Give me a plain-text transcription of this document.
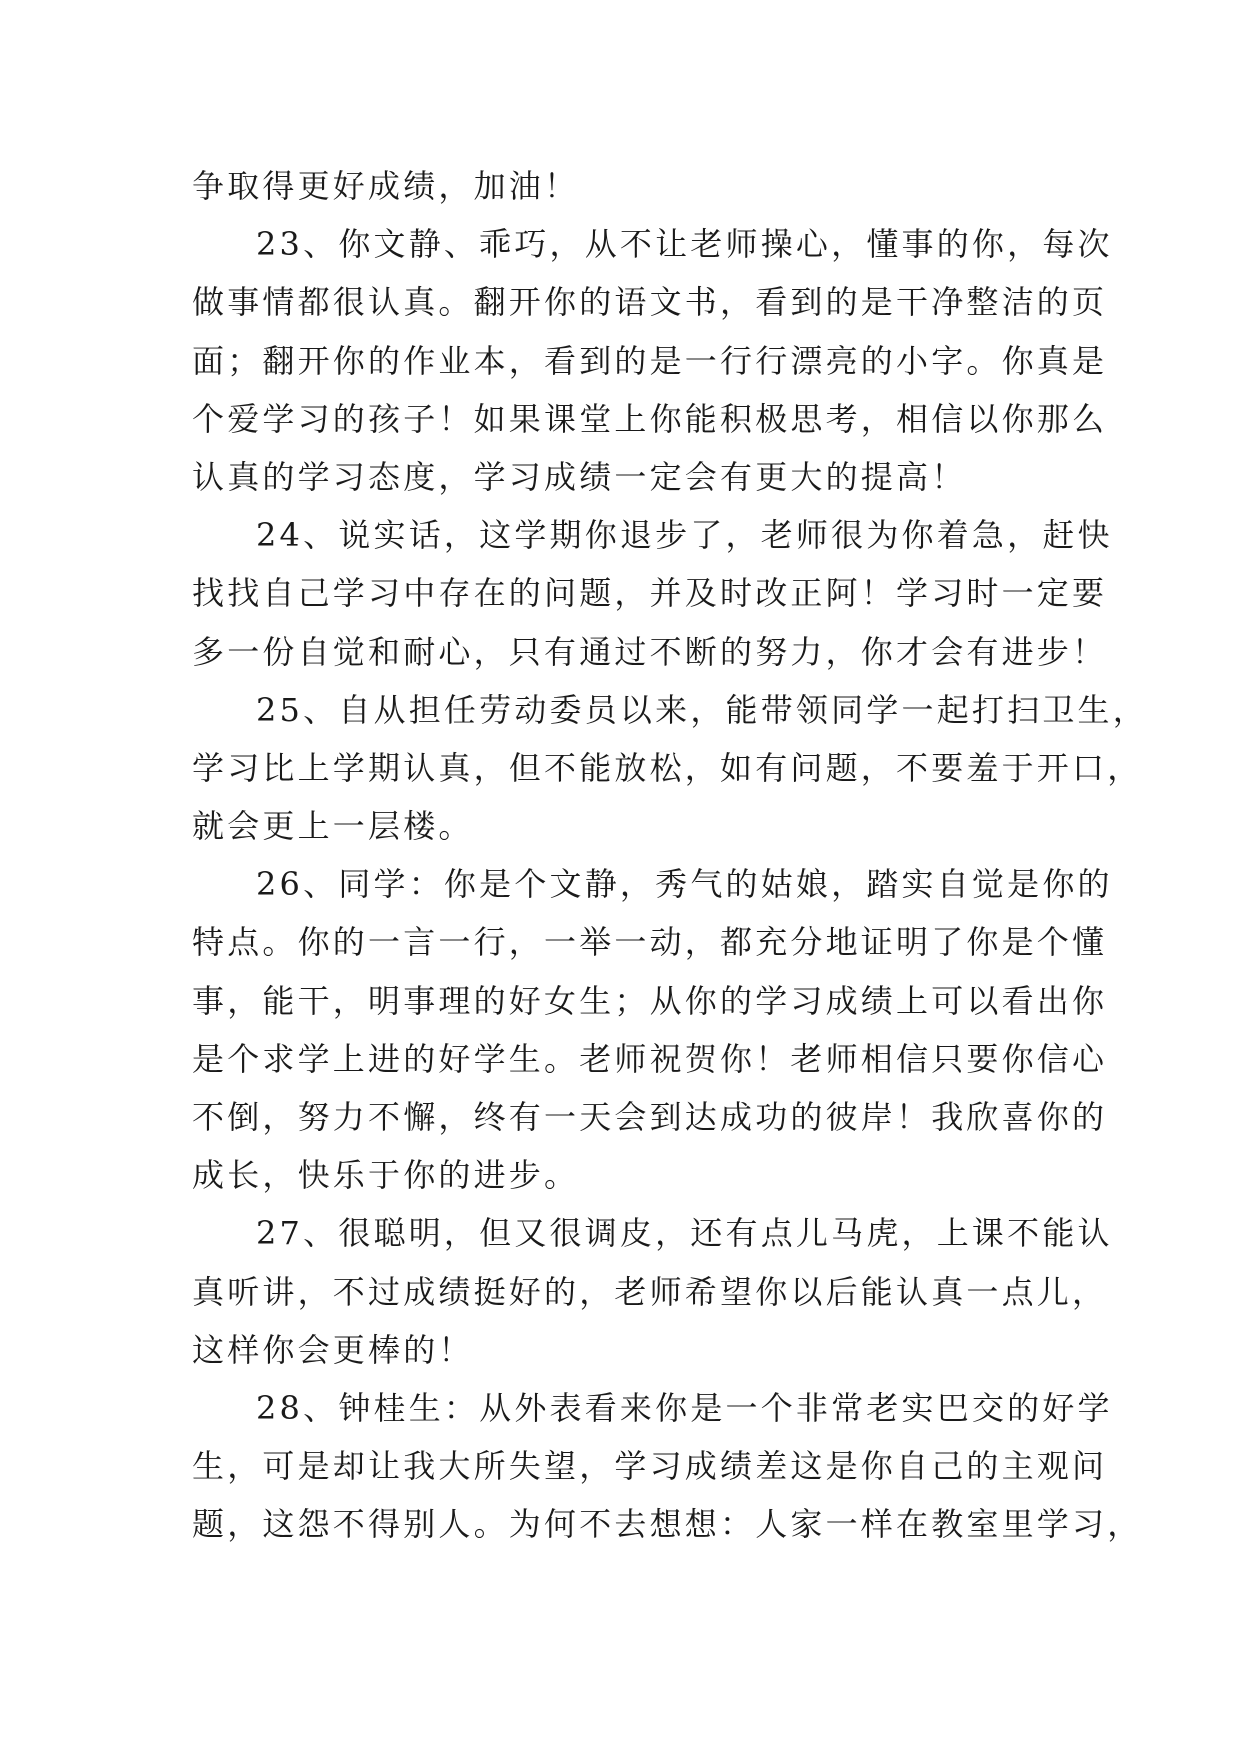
争取得更好成绩，加油！
23、你文静、乖巧，从不让老师操心，懂事的你，每次
做事情都很认真。翻开你的语文书，看到的是干净整洁的页
面；翻开你的作业本，看到的是一行行漂亮的小字。你真是
个爱学习的孩子！如果课堂上你能积极思考，相信以你那么
认真的学习态度，学习成绩一定会有更大的提高！
24、说实话，这学期你退步了，老师很为你着急，赶快
找找自己学习中存在的问题，并及时改正阿！学习时一定要
多一份自觉和耐心，只有通过不断的努力，你才会有进步！
25、自从担任劳动委员以来，能带领同学一起打扫卫生，
学习比上学期认真，但不能放松，如有问题，不要羞于开口，
就会更上一层楼。
26、同学：你是个文静，秀气的姑娘，踏实自觉是你的
特点。你的一言一行，一举一动，都充分地证明了你是个懂
事，能干，明事理的好女生；从你的学习成绩上可以看出你
是个求学上进的好学生。老师祝贺你！老师相信只要你信心
不倒，努力不懈，终有一天会到达成功的彼岸！我欣喜你的
成长，快乐于你的进步。
27、很聪明，但又很调皮，还有点儿马虎，上课不能认
真听讲，不过成绩挺好的，老师希望你以后能认真一点儿，
这样你会更棒的！
28、钟桂生：从外表看来你是一个非常老实巴交的好学
生，可是却让我大所失望，学习成绩差这是你自己的主观问
题，这怨不得别人。为何不去想想：人家一样在教室里学习，
